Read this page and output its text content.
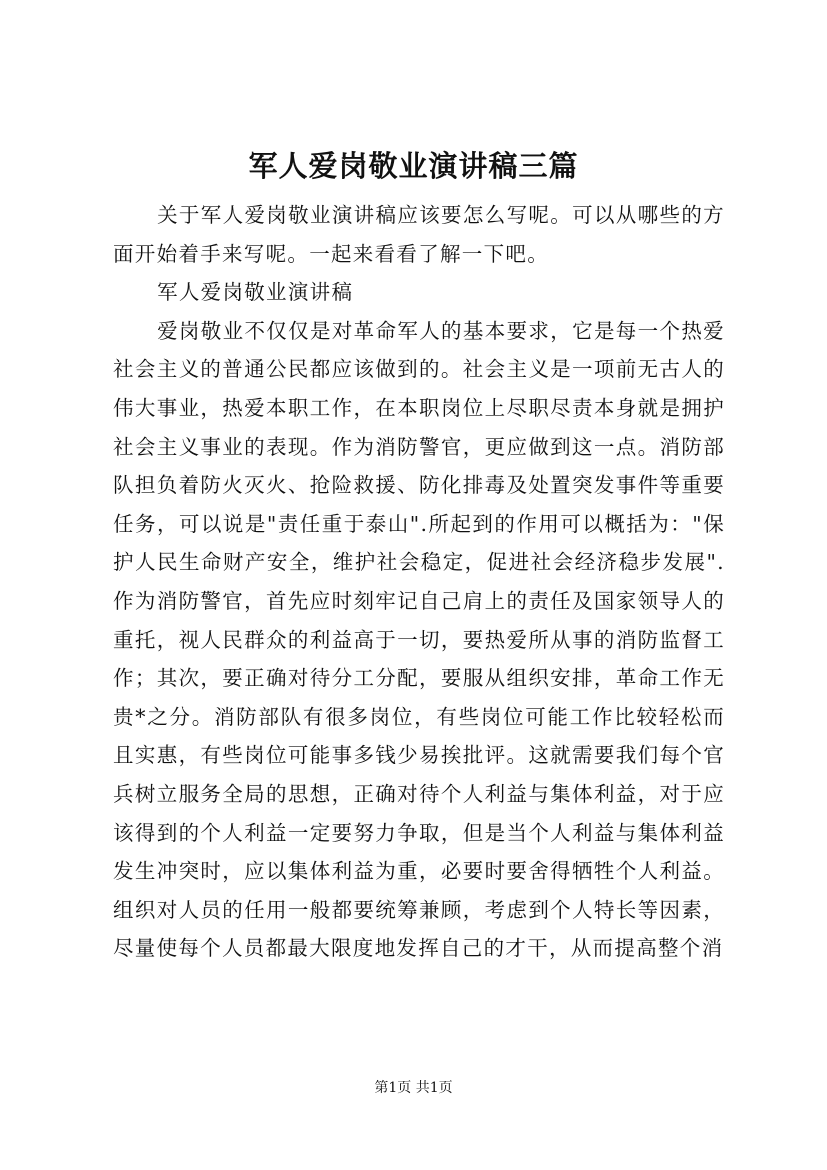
军人爱岗敬业演讲稿三篇

关于军人爱岗敬业演讲稿应该要怎么写呢。可以从哪些的方面开始着手来写呢。一起来看看了解一下吧。

军人爱岗敬业演讲稿

爱岗敬业不仅仅是对革命军人的基本要求，它是每一个热爱社会主义的普通公民都应该做到的。社会主义是一项前无古人的伟大事业，热爱本职工作，在本职岗位上尽职尽责本身就是拥护社会主义事业的表现。作为消防警官，更应做到这一点。消防部队担负着防火灭火、抢险救援、防化排毒及处置突发事件等重要任务，可以说是"责任重于泰山".所起到的作用可以概括为："保护人民生命财产安全，维护社会稳定，促进社会经济稳步发展".作为消防警官，首先应时刻牢记自己肩上的责任及国家领导人的重托，视人民群众的利益高于一切，要热爱所从事的消防监督工作；其次，要正确对待分工分配，要服从组织安排，革命工作无贵*之分。消防部队有很多岗位，有些岗位可能工作比较轻松而且实惠，有些岗位可能事多钱少易挨批评。这就需要我们每个官兵树立服务全局的思想，正确对待个人利益与集体利益，对于应该得到的个人利益一定要努力争取，但是当个人利益与集体利益发生冲突时，应以集体利益为重，必要时要舍得牺牲个人利益。组织对人员的任用一般都要统筹兼顾，考虑到个人特长等因素，尽量使每个人员都最大限度地发挥自己的才干，从而提高整个消

第1页 共1页
